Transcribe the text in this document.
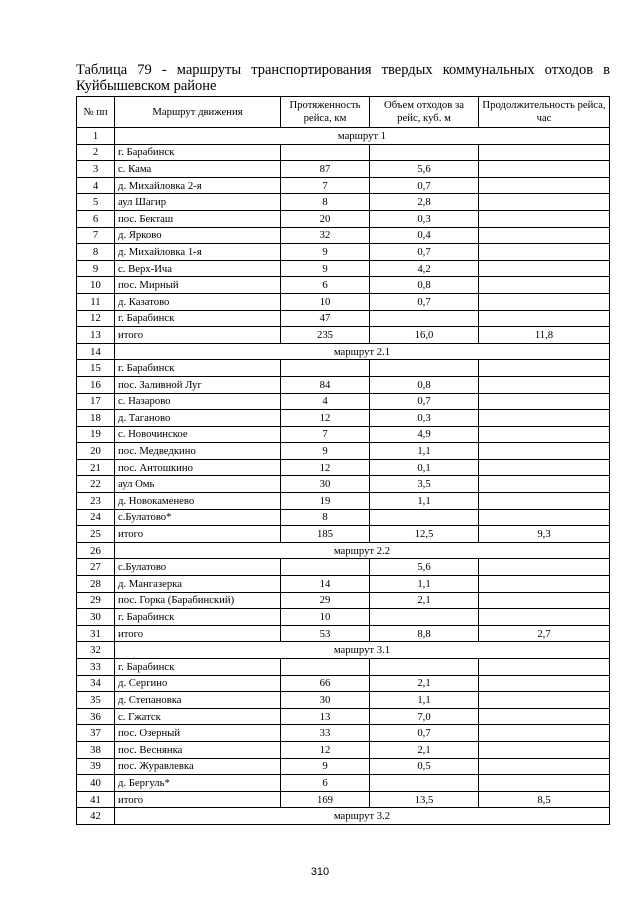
Таблица 79 - маршруты транспортирования твердых коммунальных отходов в Куйбышевском районе
№ пп	Маршрут движения	Протяженность рейса, км	Объем отходов за рейс, куб. м	Продолжительность рейса, час
1	маршрут 1			
2	г. Барабинск			
3	с. Кама	87	5,6	
4	д. Михайловка 2-я	7	0,7	
5	аул Шагир	8	2,8	
6	пос. Бекташ	20	0,3	
7	д. Ярково	32	0,4	
8	д. Михайловка 1-я	9	0,7	
9	с. Верх-Ича	9	4,2	
10	пос. Мирный	6	0,8	
11	д. Казатово	10	0,7	
12	г. Барабинск	47		
13	итого	235	16,0	11,8
14	маршрут 2.1			
15	г. Барабинск			
16	пос. Заливной Луг	84	0,8	
17	с. Назарово	4	0,7	
18	д. Таганово	12	0,3	
19	с. Новочинское	7	4,9	
20	пос. Медведкино	9	1,1	
21	пос. Антошкино	12	0,1	
22	аул Омь	30	3,5	
23	д. Новокаменево	19	1,1	
24	с.Булатово*	8		
25	итого	185	12,5	9,3
26	маршрут 2.2			
27	с.Булатово		5,6	
28	д. Мангазерка	14	1,1	
29	пос. Горка (Барабинский)	29	2,1	
30	г. Барабинск	10		
31	итого	53	8,8	2,7
32	маршрут 3.1			
33	г. Барабинск			
34	д. Сергино	66	2,1	
35	д. Степановка	30	1,1	
36	с. Гжатск	13	7,0	
37	пос. Озерный	33	0,7	
38	пос. Веснянка	12	2,1	
39	пос. Журавлевка	9	0,5	
40	д. Бергуль*	6		
41	итого	169	13,5	8,5
42	маршрут 3.2			
310
